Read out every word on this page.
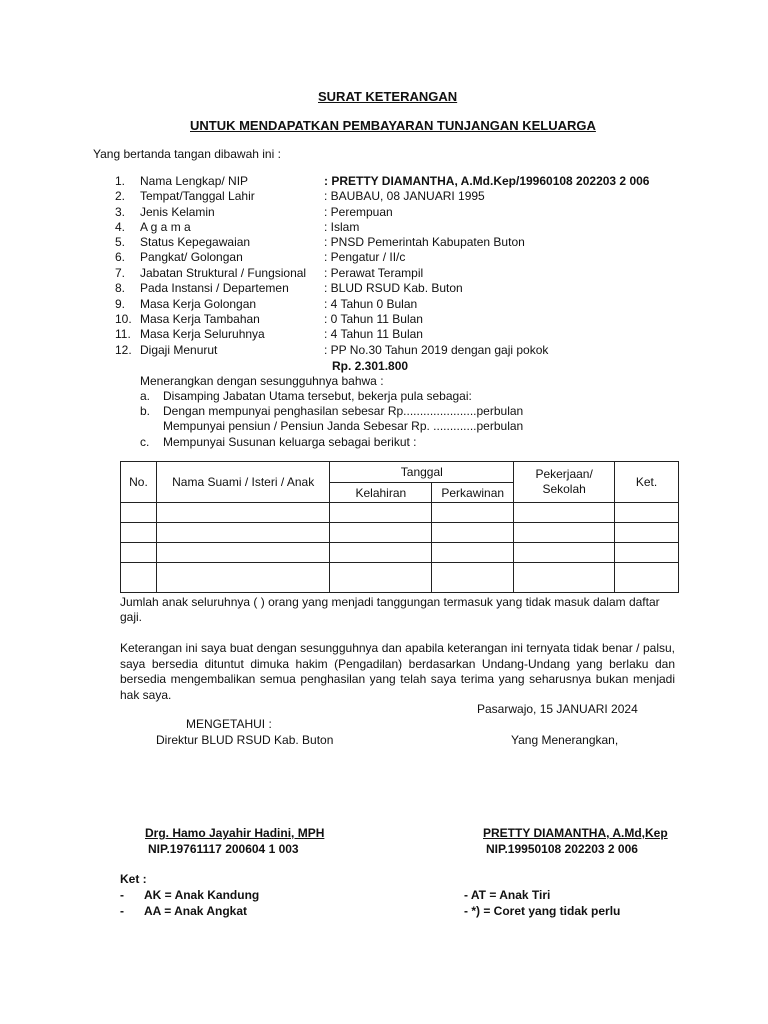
SURAT KETERANGAN
UNTUK MENDAPATKAN PEMBAYARAN TUNJANGAN KELUARGA
Yang bertanda tangan dibawah ini :
1. Nama Lengkap/ NIP	: PRETTY DIAMANTHA, A.Md.Kep/19960108 202203 2 006
2. Tempat/Tanggal Lahir	: BAUBAU, 08 JANUARI 1995
3. Jenis Kelamin	: Perempuan
4. A g a m a	: Islam
5. Status Kepegawaian	: PNSD Pemerintah Kabupaten Buton
6. Pangkat/ Golongan	: Pengatur / II/c
7. Jabatan Struktural / Fungsional : Perawat Terampil
8. Pada Instansi / Departemen	: BLUD RSUD Kab. Buton
9. Masa Kerja Golongan	: 4 Tahun 0 Bulan
10. Masa Kerja Tambahan	: 0 Tahun 11 Bulan
11. Masa Kerja Seluruhnya	: 4 Tahun 11 Bulan
12. Digaji Menurut	: PP No.30 Tahun 2019 dengan gaji pokok
Rp. 2.301.800
Menerangkan dengan sesungguhnya bahwa :
a. Disamping Jabatan Utama tersebut, bekerja pula sebagai:
b. Dengan mempunyai penghasilan sebesar Rp......................perbulan
Mempunyai pensiun / Pensiun Janda Sebesar Rp. .............perbulan
c. Mempunyai Susunan keluarga sebagai berikut :
No.	Nama Suami / Isteri / Anak	Tanggal		Pekerjaan/ Sekolah	Ket.
		Kelahiran	Perkawinan		

Jumlah anak seluruhnya ( ) orang yang menjadi tanggungan termasuk yang tidak masuk dalam daftar
gaji.
Keterangan ini saya buat dengan sesungguhnya dan apabila keterangan ini ternyata tidak benar / palsu, saya bersedia dituntut dimuka hakim (Pengadilan) berdasarkan Undang-Undang yang berlaku dan bersedia mengembalikan semua penghasilan yang telah saya terima yang seharusnya bukan menjadi hak saya.
Pasarwajo, 15 JANUARI 2024
MENGETAHUI :
Direktur BLUD RSUD Kab. Buton	Yang Menerangkan,
Drg. Hamo Jayahir Hadini, MPH
NIP.19761117 200604 1 003
PRETTY DIAMANTHA, A.Md,Kep
NIP.19950108 202203 2 006
Ket :
- AK = Anak Kandung
- AA = Anak Angkat
- AT = Anak Tiri
- *) = Coret yang tidak perlu
